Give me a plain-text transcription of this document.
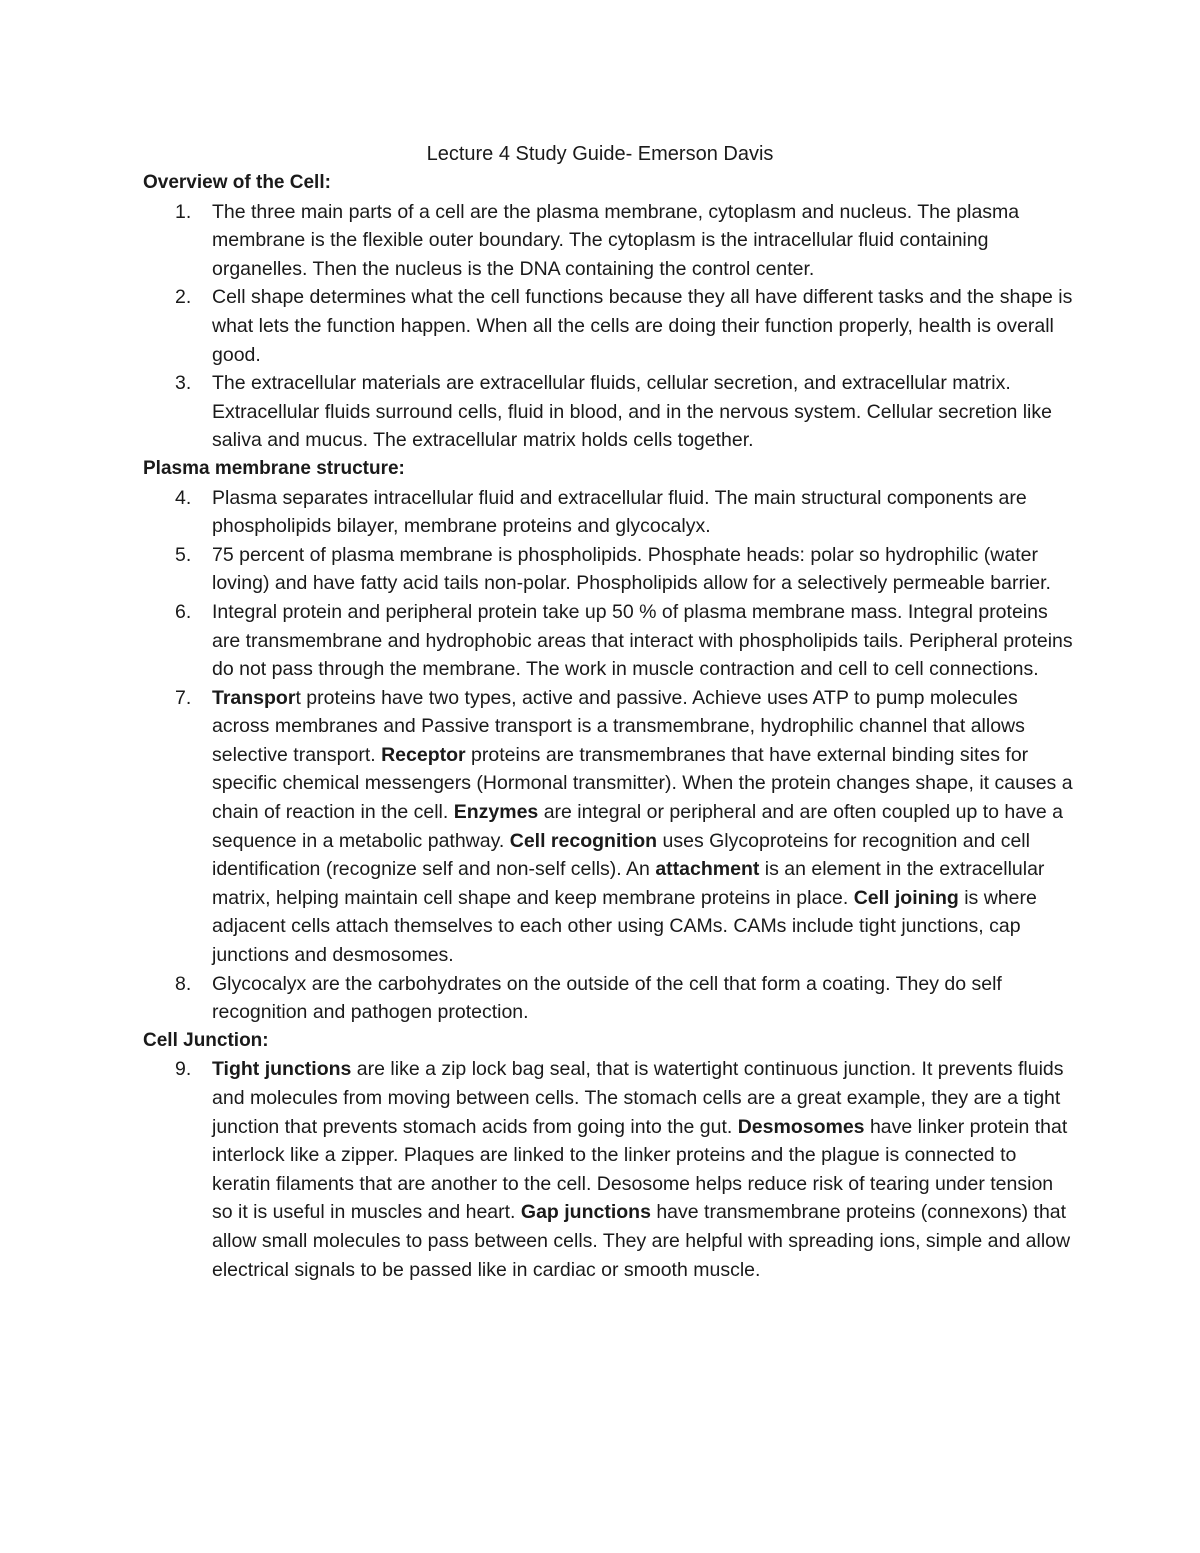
Lecture 4 Study Guide- Emerson Davis
Overview of the Cell:
1. The three main parts of a cell are the plasma membrane, cytoplasm and nucleus. The plasma membrane is the flexible outer boundary. The cytoplasm is the intracellular fluid containing organelles. Then the nucleus is the DNA containing the control center.
2. Cell shape determines what the cell functions because they all have different tasks and the shape is what lets the function happen. When all the cells are doing their function properly, health is overall good.
3. The extracellular materials are extracellular fluids, cellular secretion, and extracellular matrix. Extracellular fluids surround cells, fluid in blood, and in the nervous system. Cellular secretion like saliva and mucus. The extracellular matrix holds cells together.
Plasma membrane structure:
4. Plasma separates intracellular fluid and extracellular fluid. The main structural components are phospholipids bilayer, membrane proteins and glycocalyx.
5. 75 percent of plasma membrane is phospholipids. Phosphate heads: polar so hydrophilic (water loving) and have fatty acid tails non-polar. Phospholipids allow for a selectively permeable barrier.
6. Integral protein and peripheral protein take up 50 % of plasma membrane mass. Integral proteins are transmembrane and hydrophobic areas that interact with phospholipids tails. Peripheral proteins do not pass through the membrane. The work in muscle contraction and cell to cell connections.
7. Transport proteins have two types, active and passive. Achieve uses ATP to pump molecules across membranes and Passive transport is a transmembrane, hydrophilic channel that allows selective transport. Receptor proteins are transmembranes that have external binding sites for specific chemical messengers (Hormonal transmitter). When the protein changes shape, it causes a chain of reaction in the cell. Enzymes are integral or peripheral and are often coupled up to have a sequence in a metabolic pathway. Cell recognition uses Glycoproteins for recognition and cell identification (recognize self and non-self cells). An attachment is an element in the extracellular matrix, helping maintain cell shape and keep membrane proteins in place. Cell joining is where adjacent cells attach themselves to each other using CAMs. CAMs include tight junctions, cap junctions and desmosomes.
8. Glycocalyx are the carbohydrates on the outside of the cell that form a coating. They do self recognition and pathogen protection.
Cell Junction:
9. Tight junctions are like a zip lock bag seal, that is watertight continuous junction. It prevents fluids and molecules from moving between cells. The stomach cells are a great example, they are a tight junction that prevents stomach acids from going into the gut. Desmosomes have linker protein that interlock like a zipper. Plaques are linked to the linker proteins and the plague is connected to keratin filaments that are another to the cell. Desosome helps reduce risk of tearing under tension so it is useful in muscles and heart. Gap junctions have transmembrane proteins (connexons) that allow small molecules to pass between cells. They are helpful with spreading ions, simple and allow electrical signals to be passed like in cardiac or smooth muscle.
